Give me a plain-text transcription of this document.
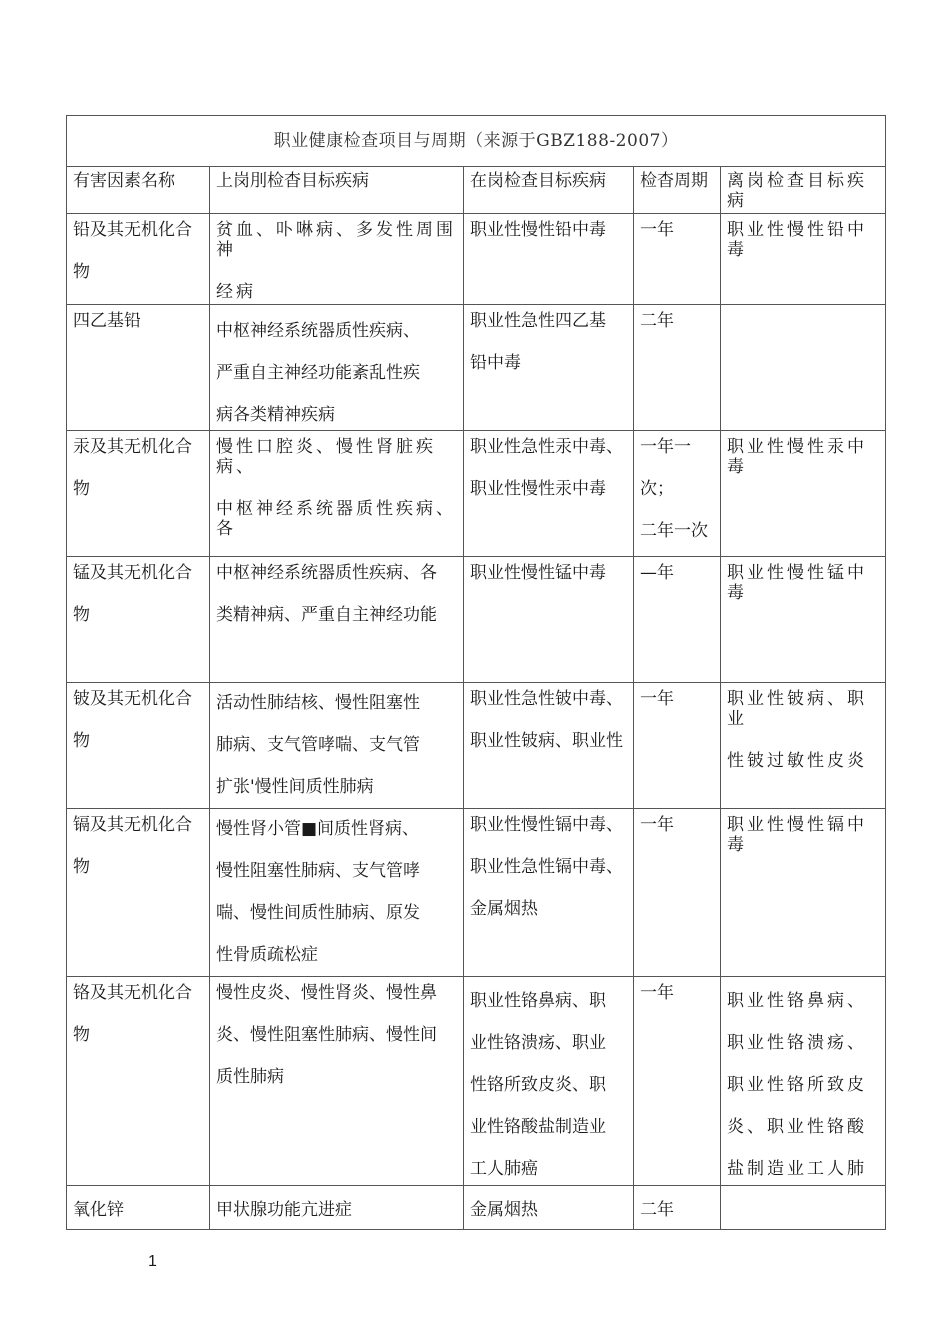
职业健康检查项目与周期（来源于GBZ188-2007）				
有害因素名称	上岗刖检杳目标疾病	在岗检查目标疾病	检杳周期	离岗检查目标疾病

铅及其无机化合
物	贫血、卟啉病、多发性周围神
经病	职业性慢性铅中毒	一年	职业性慢性铅中毒

四乙基铅	中枢神经系统器质性疾病、
严重自主神经功能紊乱性疾
病各类精神疾病	职业性急性四乙基
铅中毒	二年	

汞及其无机化合
物	慢性口腔炎、慢性肾脏疾病、
中枢神经系统器质性疾病、各	职业性急性汞中毒、
职业性慢性汞中毒	一年一
次；
二年一次	职业性慢性汞中毒

锰及其无机化合
物	中枢神经系统器质性疾病、各
类精神病、严重自主神经功能	职业性慢性锰中毒	—年	职业性慢性锰中毒

铍及其无机化合
物	活动性肺结核、慢性阻塞性
肺病、支气管哮喘、支气管
扩张'慢性间质性肺病	职业性急性铍中毒、
职业性铍病、职业性	一年	职业性铍病、职业
性铍过敏性皮炎

镉及其无机化合
物	慢性肾小管■间质性肾病、
慢性阻塞性肺病、支气管哮
喘、慢性间质性肺病、原发
性骨质疏松症	职业性慢性镉中毒、
职业性急性镉中毒、
金属烟热	一年	职业性慢性镉中毒

铬及其无机化合
物	慢性皮炎、慢性肾炎、慢性鼻
炎、慢性阻塞性肺病、慢性间
质性肺病	职业性铬鼻病、职
业性铬溃疡、职业
性铬所致皮炎、职
业性铬酸盐制造业
工人肺癌	一年	职业性铬鼻病、
职业性铬溃疡、
职业性铬所致皮
炎、职业性铬酸
盐制造业工人肺

氧化锌	甲状腺功能亢进症	金属烟热	二年	

1
